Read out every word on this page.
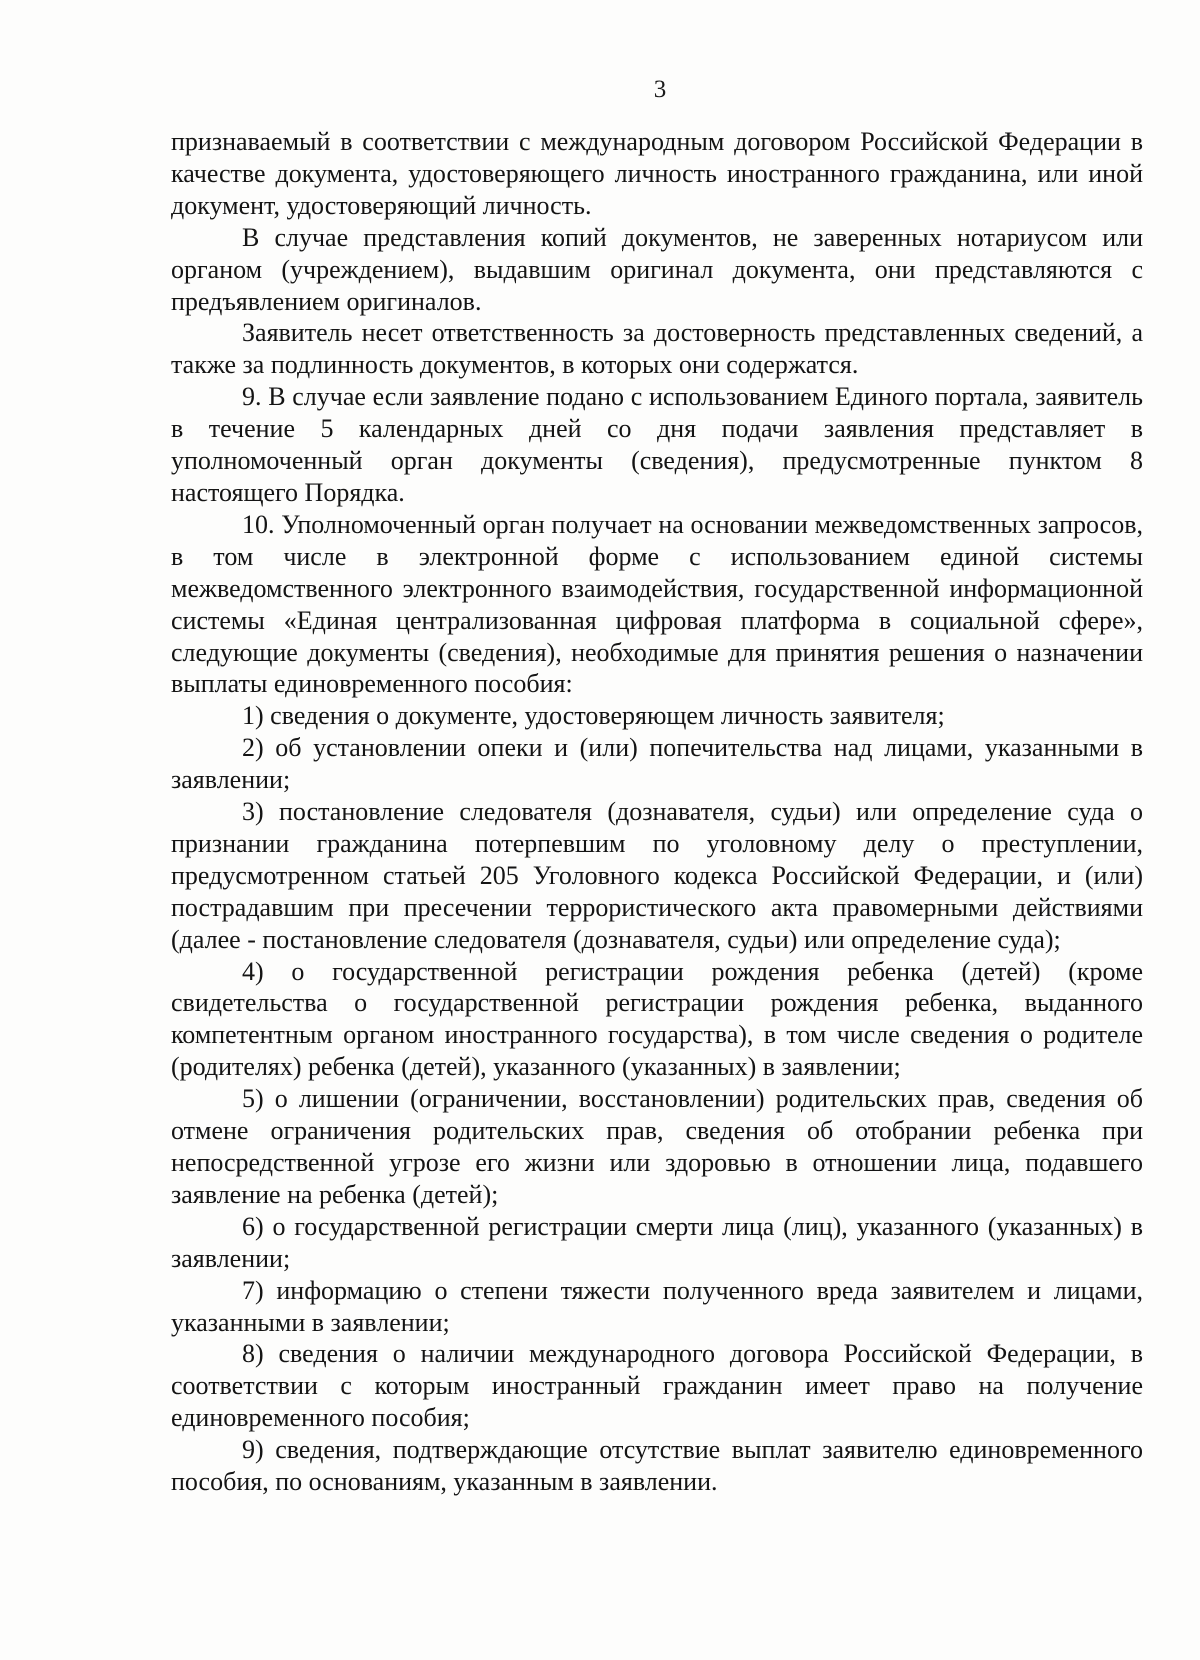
3

признаваемый в соответствии с международным договором Российской Федерации в качестве документа, удостоверяющего личность иностранного гражданина, или иной документ, удостоверяющий личность.

В случае представления копий документов, не заверенных нотариусом или органом (учреждением), выдавшим оригинал документа, они представляются с предъявлением оригиналов.

Заявитель несет ответственность за достоверность представленных сведений, а также за подлинность документов, в которых они содержатся.

9. В случае если заявление подано с использованием Единого портала, заявитель в течение 5 календарных дней со дня подачи заявления представляет в уполномоченный орган документы (сведения), предусмотренные пунктом 8 настоящего Порядка.

10. Уполномоченный орган получает на основании межведомственных запросов, в том числе в электронной форме с использованием единой системы межведомственного электронного взаимодействия, государственной информационной системы «Единая централизованная цифровая платформа в социальной сфере», следующие документы (сведения), необходимые для принятия решения о назначении выплаты единовременного пособия:

1) сведения о документе, удостоверяющем личность заявителя;

2) об установлении опеки и (или) попечительства над лицами, указанными в заявлении;

3) постановление следователя (дознавателя, судьи) или определение суда о признании гражданина потерпевшим по уголовному делу о преступлении, предусмотренном статьей 205 Уголовного кодекса Российской Федерации, и (или) пострадавшим при пресечении террористического акта правомерными действиями (далее - постановление следователя (дознавателя, судьи) или определение суда);

4) о государственной регистрации рождения ребенка (детей) (кроме свидетельства о государственной регистрации рождения ребенка, выданного компетентным органом иностранного государства), в том числе сведения о родителе (родителях) ребенка (детей), указанного (указанных) в заявлении;

5) о лишении (ограничении, восстановлении) родительских прав, сведения об отмене ограничения родительских прав, сведения об отобрании ребенка при непосредственной угрозе его жизни или здоровью в отношении лица, подавшего заявление на ребенка (детей);

6) о государственной регистрации смерти лица (лиц), указанного (указанных) в заявлении;

7) информацию о степени тяжести полученного вреда заявителем и лицами, указанными в заявлении;

8) сведения о наличии международного договора Российской Федерации, в соответствии с которым иностранный гражданин имеет право на получение единовременного пособия;

9) сведения, подтверждающие отсутствие выплат заявителю единовременного пособия, по основаниям, указанным в заявлении.
